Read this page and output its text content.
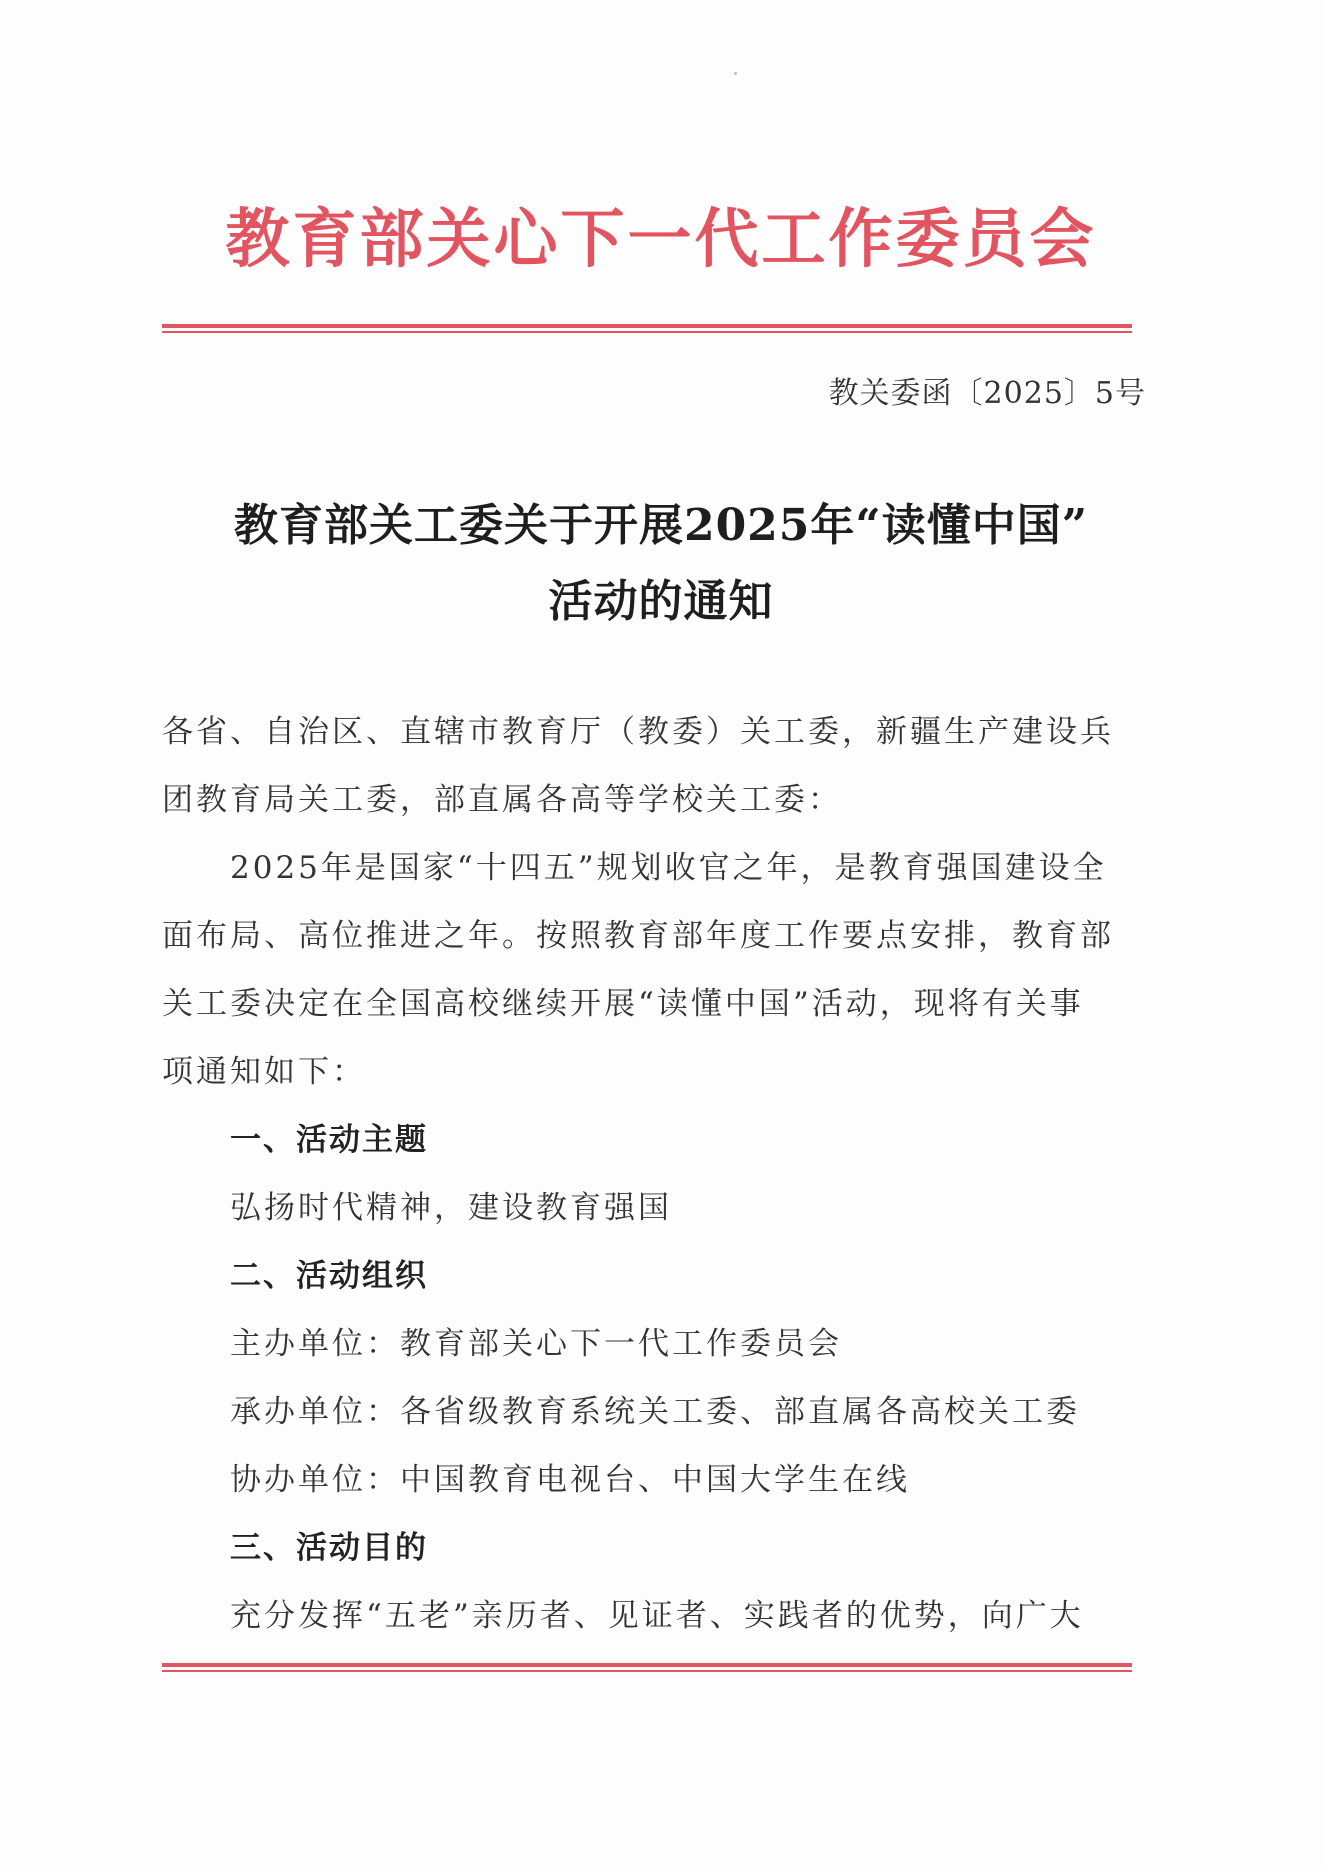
教育部关心下一代工作委员会
教关委函〔2025〕5号
教育部关工委关于开展2025年“读懂中国”
活动的通知
各省、自治区、直辖市教育厅（教委）关工委，新疆生产建设兵
团教育局关工委，部直属各高等学校关工委：
2025年是国家“十四五”规划收官之年，是教育强国建设全
面布局、高位推进之年。按照教育部年度工作要点安排，教育部
关工委决定在全国高校继续开展“读懂中国”活动，现将有关事
项通知如下：
一、活动主题
弘扬时代精神，建设教育强国
二、活动组织
主办单位：教育部关心下一代工作委员会
承办单位：各省级教育系统关工委、部直属各高校关工委
协办单位：中国教育电视台、中国大学生在线
三、活动目的
充分发挥“五老”亲历者、见证者、实践者的优势，向广大
